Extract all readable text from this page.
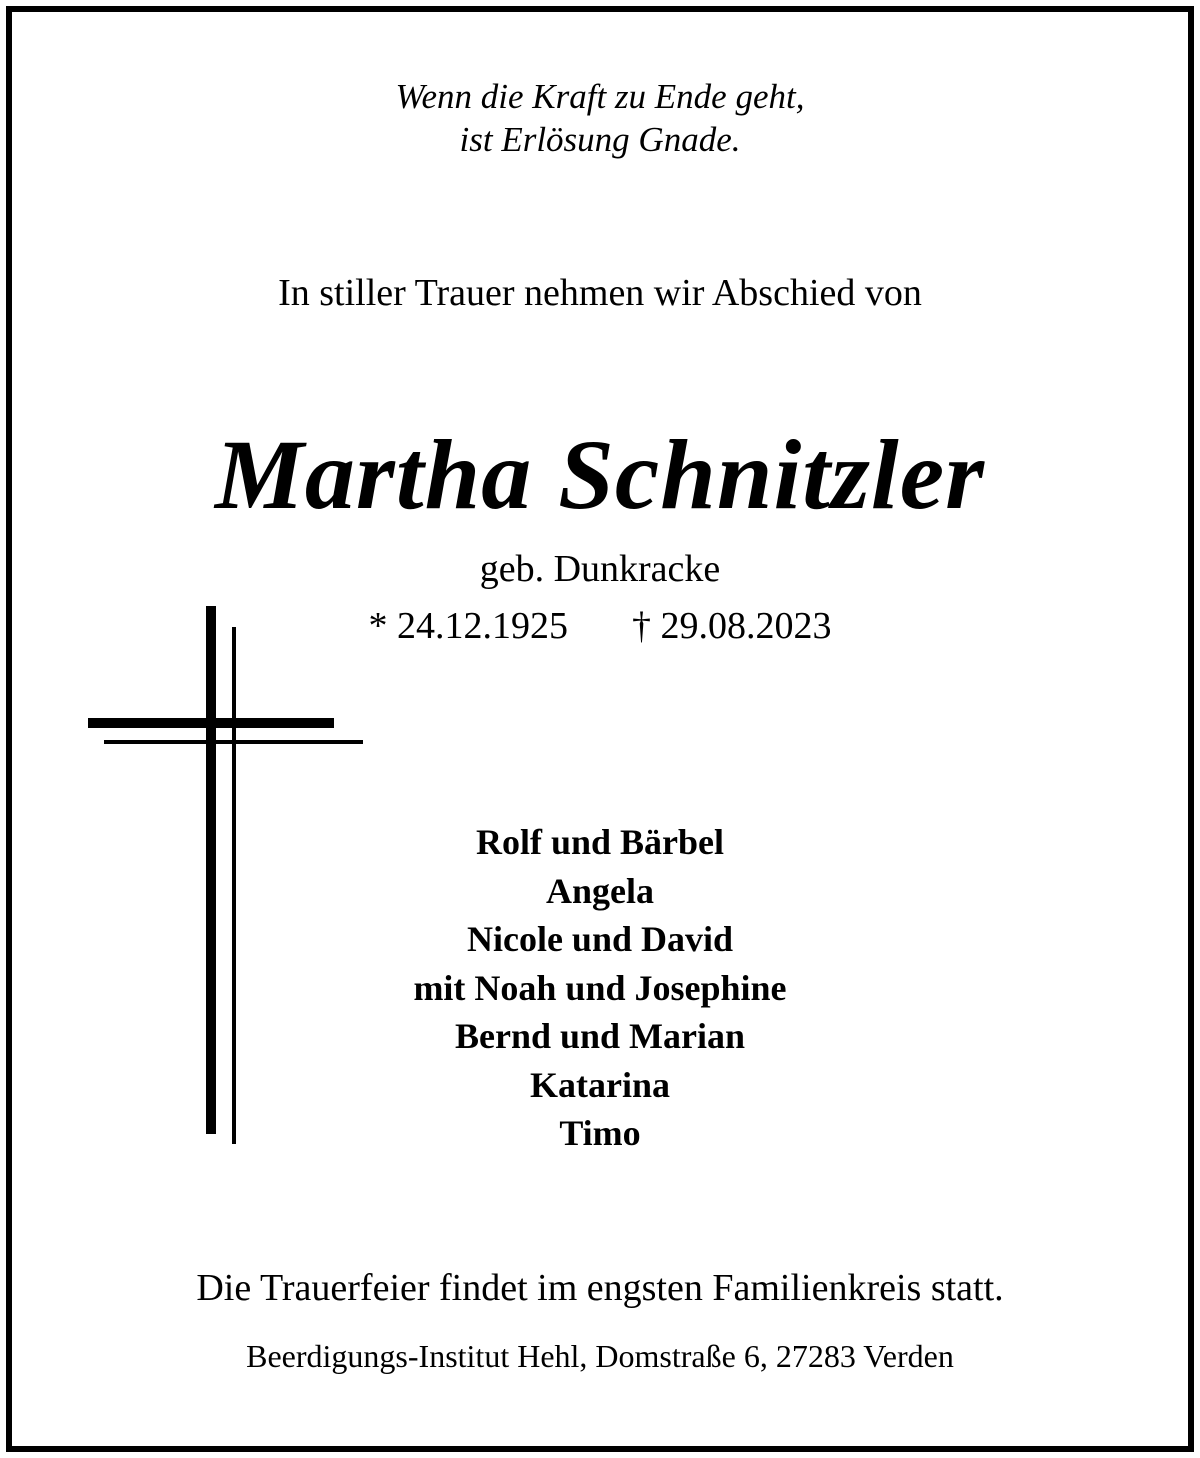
Wenn die Kraft zu Ende geht,
ist Erlösung Gnade.
In stiller Trauer nehmen wir Abschied von
Martha Schnitzler
geb. Dunkracke
* 24.12.1925 † 29.08.2023
Rolf und Bärbel
Angela
Nicole und David
mit Noah und Josephine
Bernd und Marian
Katarina
Timo
Die Trauerfeier findet im engsten Familienkreis statt.
Beerdigungs-Institut Hehl, Domstraße 6, 27283 Verden
